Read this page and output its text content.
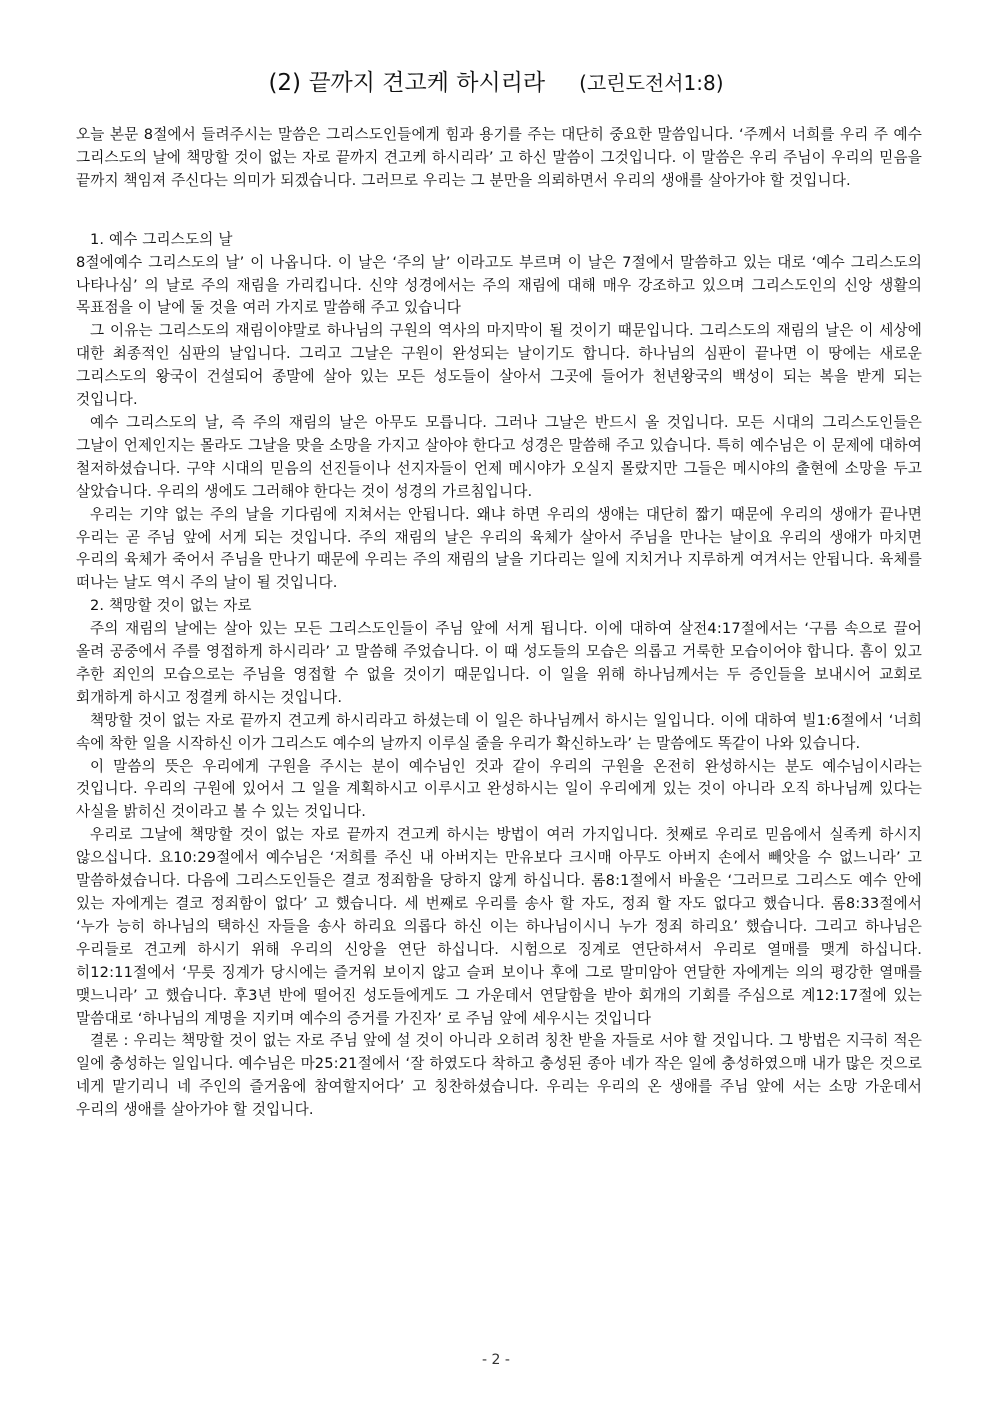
(2) 끝까지 견고케 하시리라 (고린도전서1:8)

오늘 본문 8절에서 들려주시는 말씀은 그리스도인들에게 힘과 용기를 주는 대단히 중요한 말씀입니다. ‘주께서 너희를 우리 주 예수 그리스도의 날에 책망할 것이 없는 자로 끝까지 견고케 하시리라’ 고 하신 말씀이 그것입니다. 이 말씀은 우리 주님이 우리의 믿음을 끝까지 책임져 주신다는 의미가 되겠습니다. 그러므로 우리는 그 분만을 의뢰하면서 우리의 생애를 살아가야 할 것입니다.

1. 예수 그리스도의 날

8절에예수 그리스도의 날’ 이 나옵니다. 이 날은 ‘주의 날’ 이라고도 부르며 이 날은 7절에서 말씀하고 있는 대로 ‘예수 그리스도의 나타나심’ 의 날로 주의 재림을 가리킵니다. 신약 성경에서는 주의 재림에 대해 매우 강조하고 있으며 그리스도인의 신앙 생활의 목표점을 이 날에 둘 것을 여러 가지로 말씀해 주고 있습니다

그 이유는 그리스도의 재림이야말로 하나님의 구원의 역사의 마지막이 될 것이기 때문입니다. 그리스도의 재림의 날은 이 세상에 대한 최종적인 심판의 날입니다. 그리고 그날은 구원이 완성되는 날이기도 합니다. 하나님의 심판이 끝나면 이 땅에는 새로운 그리스도의 왕국이 건설되어 종말에 살아 있는 모든 성도들이 살아서 그곳에 들어가 천년왕국의 백성이 되는 복을 받게 되는 것입니다.

예수 그리스도의 날, 즉 주의 재림의 날은 아무도 모릅니다. 그러나 그날은 반드시 올 것입니다. 모든 시대의 그리스도인들은 그날이 언제인지는 몰라도 그날을 맞을 소망을 가지고 살아야 한다고 성경은 말씀해 주고 있습니다. 특히 예수님은 이 문제에 대하여 철저하셨습니다. 구약 시대의 믿음의 선진들이나 선지자들이 언제 메시야가 오실지 몰랐지만 그들은 메시야의 출현에 소망을 두고 살았습니다. 우리의 생에도 그러해야 한다는 것이 성경의 가르침입니다.

우리는 기약 없는 주의 날을 기다림에 지쳐서는 안됩니다. 왜냐 하면 우리의 생애는 대단히 짧기 때문에 우리의 생애가 끝나면 우리는 곧 주님 앞에 서게 되는 것입니다. 주의 재림의 날은 우리의 육체가 살아서 주님을 만나는 날이요 우리의 생애가 마치면 우리의 육체가 죽어서 주님을 만나기 때문에 우리는 주의 재림의 날을 기다리는 일에 지치거나 지루하게 여겨서는 안됩니다. 육체를 떠나는 날도 역시 주의 날이 될 것입니다.

2. 책망할 것이 없는 자로

주의 재림의 날에는 살아 있는 모든 그리스도인들이 주님 앞에 서게 됩니다. 이에 대하여 살전4:17절에서는 ‘구름 속으로 끌어 올려 공중에서 주를 영접하게 하시리라’ 고 말씀해 주었습니다. 이 때 성도들의 모습은 의롭고 거룩한 모습이어야 합니다. 흠이 있고 추한 죄인의 모습으로는 주님을 영접할 수 없을 것이기 때문입니다. 이 일을 위해 하나님께서는 두 증인들을 보내시어 교회로 회개하게 하시고 정결케 하시는 것입니다.

책망할 것이 없는 자로 끝까지 견고케 하시리라고 하셨는데 이 일은 하나님께서 하시는 일입니다. 이에 대하여 빌1:6절에서 ‘너희 속에 착한 일을 시작하신 이가 그리스도 예수의 날까지 이루실 줄을 우리가 확신하노라’ 는 말씀에도 똑같이 나와 있습니다.

이 말씀의 뜻은 우리에게 구원을 주시는 분이 예수님인 것과 같이 우리의 구원을 온전히 완성하시는 분도 예수님이시라는 것입니다. 우리의 구원에 있어서 그 일을 계획하시고 이루시고 완성하시는 일이 우리에게 있는 것이 아니라 오직 하나님께 있다는 사실을 밝히신 것이라고 볼 수 있는 것입니다.

우리로 그날에 책망할 것이 없는 자로 끝까지 견고케 하시는 방법이 여러 가지입니다. 첫째로 우리로 믿음에서 실족케 하시지 않으십니다. 요10:29절에서 예수님은 ‘저희를 주신 내 아버지는 만유보다 크시매 아무도 아버지 손에서 빼앗을 수 없느니라’ 고 말씀하셨습니다. 다음에 그리스도인들은 결코 정죄함을 당하지 않게 하십니다. 롬8:1절에서 바울은 ‘그러므로 그리스도 예수 안에 있는 자에게는 결코 정죄함이 없다’ 고 했습니다. 세 번째로 우리를 송사 할 자도, 정죄 할 자도 없다고 했습니다. 롬8:33절에서 ‘누가 능히 하나님의 택하신 자들을 송사 하리요 의롭다 하신 이는 하나님이시니 누가 정죄 하리요’ 했습니다. 그리고 하나님은 우리들로 견고케 하시기 위해 우리의 신앙을 연단 하십니다. 시험으로 징계로 연단하셔서 우리로 열매를 맺게 하십니다. 히12:11절에서 ‘무릇 징계가 당시에는 즐거워 보이지 않고 슬퍼 보이나 후에 그로 말미암아 연달한 자에게는 의의 평강한 열매를 맺느니라’ 고 했습니다. 후3년 반에 떨어진 성도들에게도 그 가운데서 연달함을 받아 회개의 기회를 주심으로 계12:17절에 있는 말씀대로 ‘하나님의 계명을 지키며 예수의 증거를 가진자’ 로 주님 앞에 세우시는 것입니다

결론 : 우리는 책망할 것이 없는 자로 주님 앞에 설 것이 아니라 오히려 칭찬 받을 자들로 서야 할 것입니다. 그 방법은 지극히 적은 일에 충성하는 일입니다. 예수님은 마25:21절에서 ‘잘 하였도다 착하고 충성된 종아 네가 작은 일에 충성하였으매 내가 많은 것으로 네게 맡기리니 네 주인의 즐거움에 참여할지어다’ 고 칭찬하셨습니다. 우리는 우리의 온 생애를 주님 앞에 서는 소망 가운데서 우리의 생애를 살아가야 할 것입니다.

- 2 -
